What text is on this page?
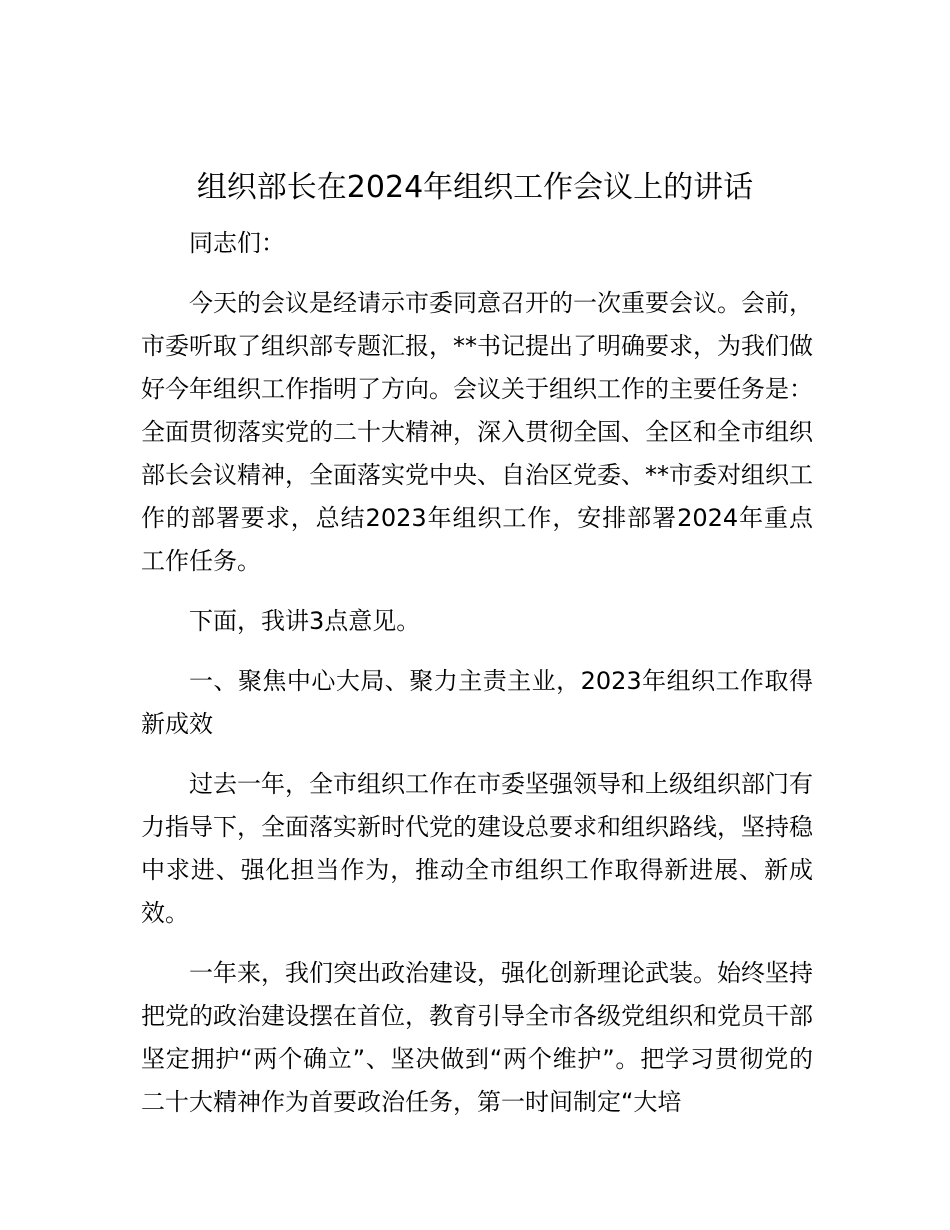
组织部长在2024年组织工作会议上的讲话

同志们：

今天的会议是经请示市委同意召开的一次重要会议。会前，市委听取了组织部专题汇报，**书记提出了明确要求，为我们做好今年组织工作指明了方向。会议关于组织工作的主要任务是：全面贯彻落实党的二十大精神，深入贯彻全国、全区和全市组织部长会议精神，全面落实党中央、自治区党委、**市委对组织工作的部署要求，总结2023年组织工作，安排部署2024年重点工作任务。

下面，我讲3点意见。

一、聚焦中心大局、聚力主责主业，2023年组织工作取得新成效

过去一年，全市组织工作在市委坚强领导和上级组织部门有力指导下，全面落实新时代党的建设总要求和组织路线，坚持稳中求进、强化担当作为，推动全市组织工作取得新进展、新成效。

一年来，我们突出政治建设，强化创新理论武装。始终坚持把党的政治建设摆在首位，教育引导全市各级党组织和党员干部坚定拥护“两个确立”、坚决做到“两个维护”。把学习贯彻党的二十大精神作为首要政治任务，第一时间制定“大培
